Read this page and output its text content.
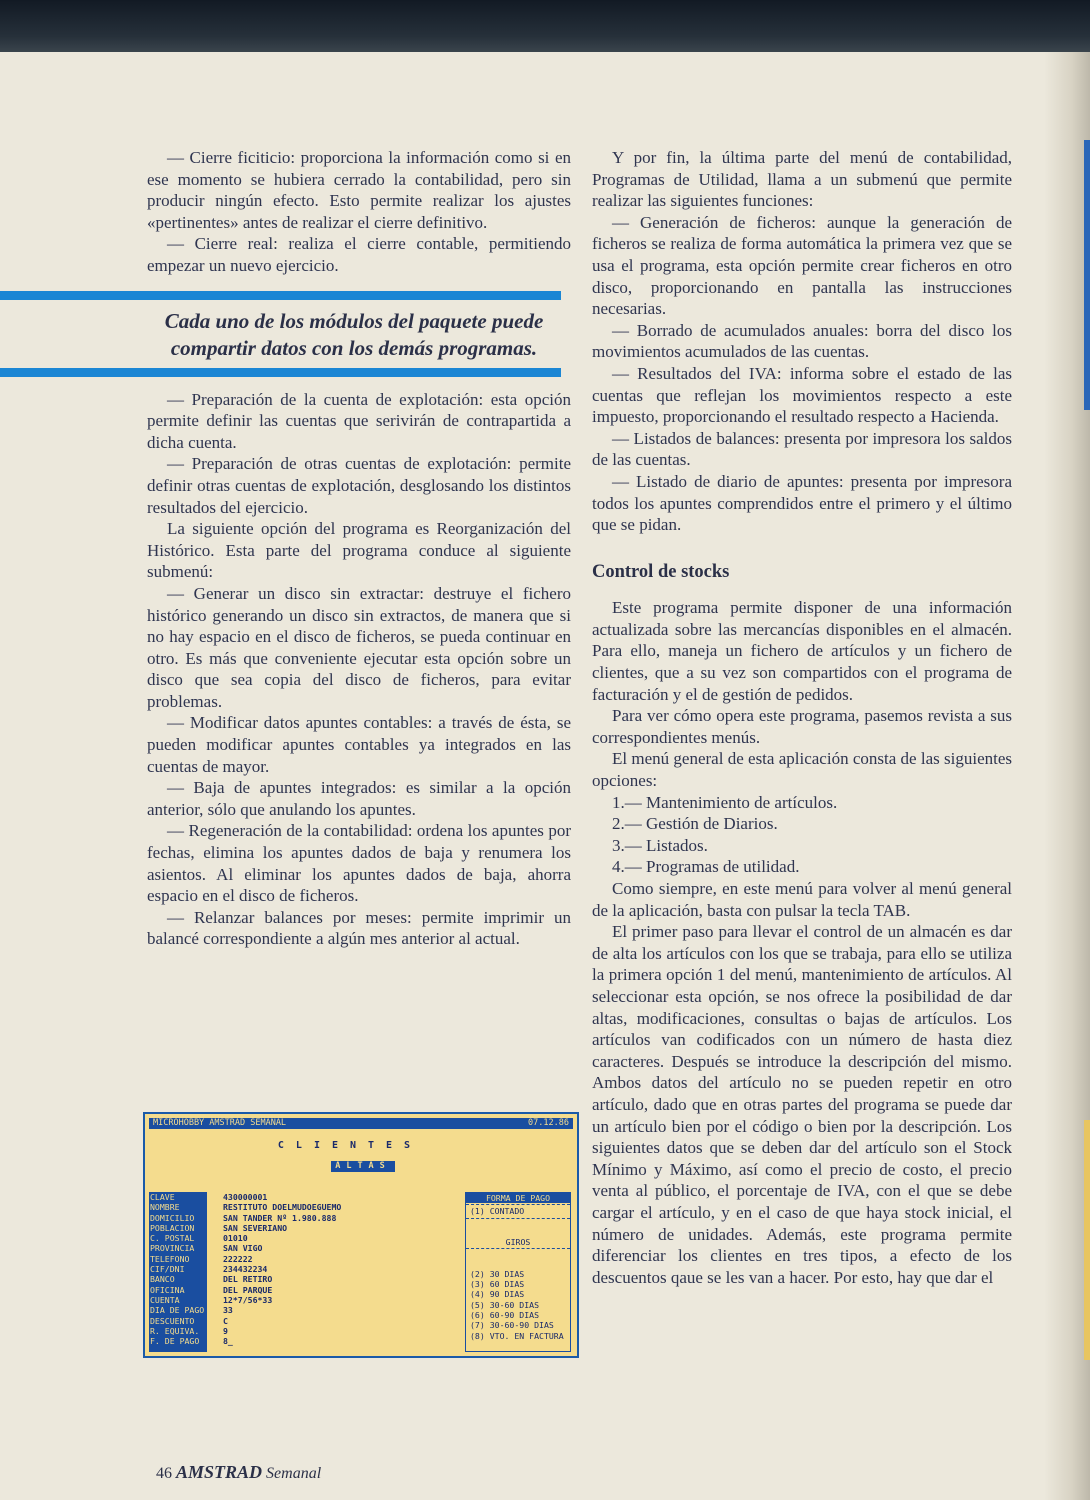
— Cierre ficiticio: proporciona la información como si en ese momento se hubiera cerrado la contabilidad, pero sin producir ningún efecto. Esto permite realizar los ajustes «pertinentes» antes de realizar el cierre definitivo.

— Cierre real: realiza el cierre contable, permitiendo empezar un nuevo ejercicio.

Cada uno de los módulos del paquete puede compartir datos con los demás programas.

— Preparación de la cuenta de explotación: esta opción permite definir las cuentas que serivirán de contrapartida a dicha cuenta.

— Preparación de otras cuentas de explotación: permite definir otras cuentas de explotación, desglosando los distintos resultados del ejercicio.

La siguiente opción del programa es Reorganización del Histórico. Esta parte del programa conduce al siguiente submenú:

— Generar un disco sin extractar: destruye el fichero histórico generando un disco sin extractos, de manera que si no hay espacio en el disco de ficheros, se pueda continuar en otro. Es más que conveniente ejecutar esta opción sobre un disco que sea copia del disco de ficheros, para evitar problemas.

— Modificar datos apuntes contables: a través de ésta, se pueden modificar apuntes contables ya integrados en las cuentas de mayor.

— Baja de apuntes integrados: es similar a la opción anterior, sólo que anulando los apuntes.

— Regeneración de la contabilidad: ordena los apuntes por fechas, elimina los apuntes dados de baja y renumera los asientos. Al eliminar los apuntes dados de baja, ahorra espacio en el disco de ficheros.

— Relanzar balances por meses: permite imprimir un balancé correspondiente a algún mes anterior al actual.

Y por fin, la última parte del menú de contabilidad, Programas de Utilidad, llama a un submenú que permite realizar las siguientes funciones:

— Generación de ficheros: aunque la generación de ficheros se realiza de forma automática la primera vez que se usa el programa, esta opción permite crear ficheros en otro disco, proporcionando en pantalla las instrucciones necesarias.

— Borrado de acumulados anuales: borra del disco los movimientos acumulados de las cuentas.

— Resultados del IVA: informa sobre el estado de las cuentas que reflejan los movimientos respecto a este impuesto, proporcionando el resultado respecto a Hacienda.

— Listados de balances: presenta por impresora los saldos de las cuentas.

— Listado de diario de apuntes: presenta por impresora todos los apuntes comprendidos entre el primero y el último que se pidan.

Control de stocks

Este programa permite disponer de una información actualizada sobre las mercancías disponibles en el almacén. Para ello, maneja un fichero de artículos y un fichero de clientes, que a su vez son compartidos con el programa de facturación y el de gestión de pedidos.

Para ver cómo opera este programa, pasemos revista a sus correspondientes menús.

El menú general de esta aplicación consta de las siguientes opciones:

1.— Mantenimiento de artículos.

2.— Gestión de Diarios.

3.— Listados.

4.— Programas de utilidad.

Como siempre, en este menú para volver al menú general de la aplicación, basta con pulsar la tecla TAB.

El primer paso para llevar el control de un almacén es dar de alta los artículos con los que se trabaja, para ello se utiliza la primera opción 1 del menú, mantenimiento de artículos. Al seleccionar esta opción, se nos ofrece la posibilidad de dar altas, modificaciones, consultas o bajas de artículos. Los artículos van codificados con un número de hasta diez caracteres. Después se introduce la descripción del mismo. Ambos datos del artículo no se pueden repetir en otro artículo, dado que en otras partes del programa se puede dar un artículo bien por el código o bien por la descripción. Los siguientes datos que se deben dar del artículo son el Stock Mínimo y Máximo, así como el precio de costo, el precio venta al público, el porcentaje de IVA, con el que se debe cargar el artículo, y en el caso de que haya stock inicial, el número de unidades. Además, este programa permite diferenciar los clientes en tres tipos, a efecto de los descuentos qaue se les van a hacer. Por esto, hay que dar el

MICROHOBBY AMSTRAD SEMANAL	07.12.86
CLIENTES
ALTAS
CLAVE
NOMBRE
DOMICILIO
POBLACION
C. POSTAL
PROVINCIA
TELEFONO
CIF/DNI
BANCO
OFICINA
CUENTA
DIA DE PAGO
DESCUENTO
R. EQUIVA.
F. DE PAGO
430000001
RESTITUTO DOELMUDOEGUEMO
SAN TANDER Nº 1.980.888
SAN SEVERIANO
01010
SAN VIGO
222222
234432234
DEL RETIRO
DEL PARQUE
12*7/56*33
33
C
9
8_
FORMA DE PAGO
(1) CONTADO
GIROS
(2) 30 DIAS
(3) 60 DIAS
(4) 90 DIAS
(5) 30-60 DIAS
(6) 60-90 DIAS
(7) 30-60-90 DIAS
(8) VTO. EN FACTURA
46 AMSTRAD Semanal
